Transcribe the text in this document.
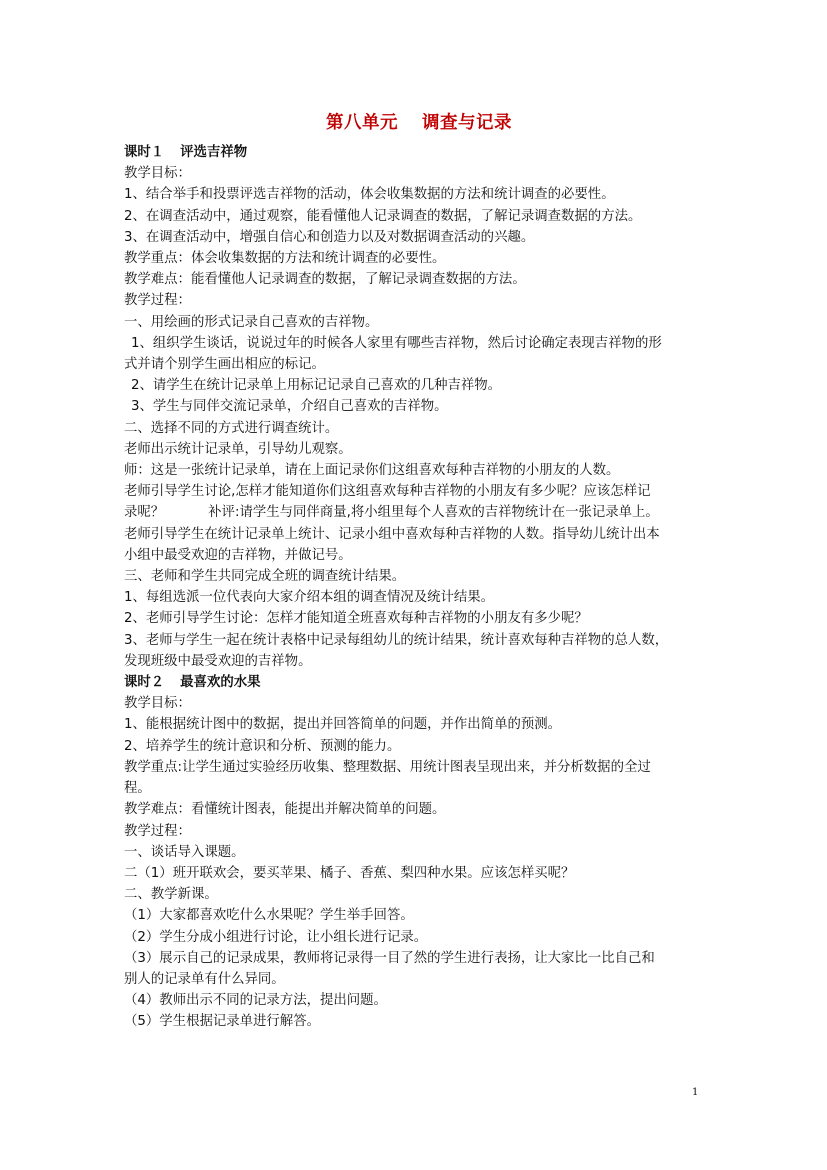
第八单元 调查与记录
课时１ 评选吉祥物
教学目标：
1、结合举手和投票评选吉祥物的活动，体会收集数据的方法和统计调查的必要性。
2、在调查活动中，通过观察，能看懂他人记录调查的数据，了解记录调查数据的方法。
3、在调查活动中，增强自信心和创造力以及对数据调查活动的兴趣。
教学重点：体会收集数据的方法和统计调查的必要性。
教学难点：能看懂他人记录调查的数据，了解记录调查数据的方法。
教学过程：
一、用绘画的形式记录自己喜欢的吉祥物。
1、组织学生谈话，说说过年的时候各人家里有哪些吉祥物，然后讨论确定表现吉祥物的形
式并请个别学生画出相应的标记。
2、请学生在统计记录单上用标记记录自己喜欢的几种吉祥物。
3、学生与同伴交流记录单，介绍自己喜欢的吉祥物。
二、选择不同的方式进行调查统计。
老师出示统计记录单，引导幼儿观察。
师：这是一张统计记录单，请在上面记录你们这组喜欢每种吉祥物的小朋友的人数。
老师引导学生讨论,怎样才能知道你们这组喜欢每种吉祥物的小朋友有多少呢？应该怎样记
录呢？	补评:请学生与同伴商量,将小组里每个人喜欢的吉祥物统计在一张记录单上。
老师引导学生在统计记录单上统计、记录小组中喜欢每种吉祥物的人数。指导幼儿统计出本
小组中最受欢迎的吉祥物，并做记号。
三、老师和学生共同完成全班的调查统计结果。
1、每组选派一位代表向大家介绍本组的调查情况及统计结果。
2、老师引导学生讨论：怎样才能知道全班喜欢每种吉祥物的小朋友有多少呢？
3、老师与学生一起在统计表格中记录每组幼儿的统计结果，统计喜欢每种吉祥物的总人数，
发现班级中最受欢迎的吉祥物。
课时２ 最喜欢的水果
教学目标：
1、能根据统计图中的数据，提出并回答简单的问题，并作出简单的预测。
2、培养学生的统计意识和分析、预测的能力。
教学重点:让学生通过实验经历收集、整理数据、用统计图表呈现出来，并分析数据的全过
程。
教学难点：看懂统计图表，能提出并解决简单的问题。
教学过程：
一、谈话导入课题。
二（1）班开联欢会，要买苹果、橘子、香蕉、梨四种水果。应该怎样买呢？
二、教学新课。
（1）大家都喜欢吃什么水果呢？学生举手回答。
（2）学生分成小组进行讨论，让小组长进行记录。
（3）展示自己的记录成果，教师将记录得一目了然的学生进行表扬，让大家比一比自己和
别人的记录单有什么异同。
（4）教师出示不同的记录方法，提出问题。
（5）学生根据记录单进行解答。
1
